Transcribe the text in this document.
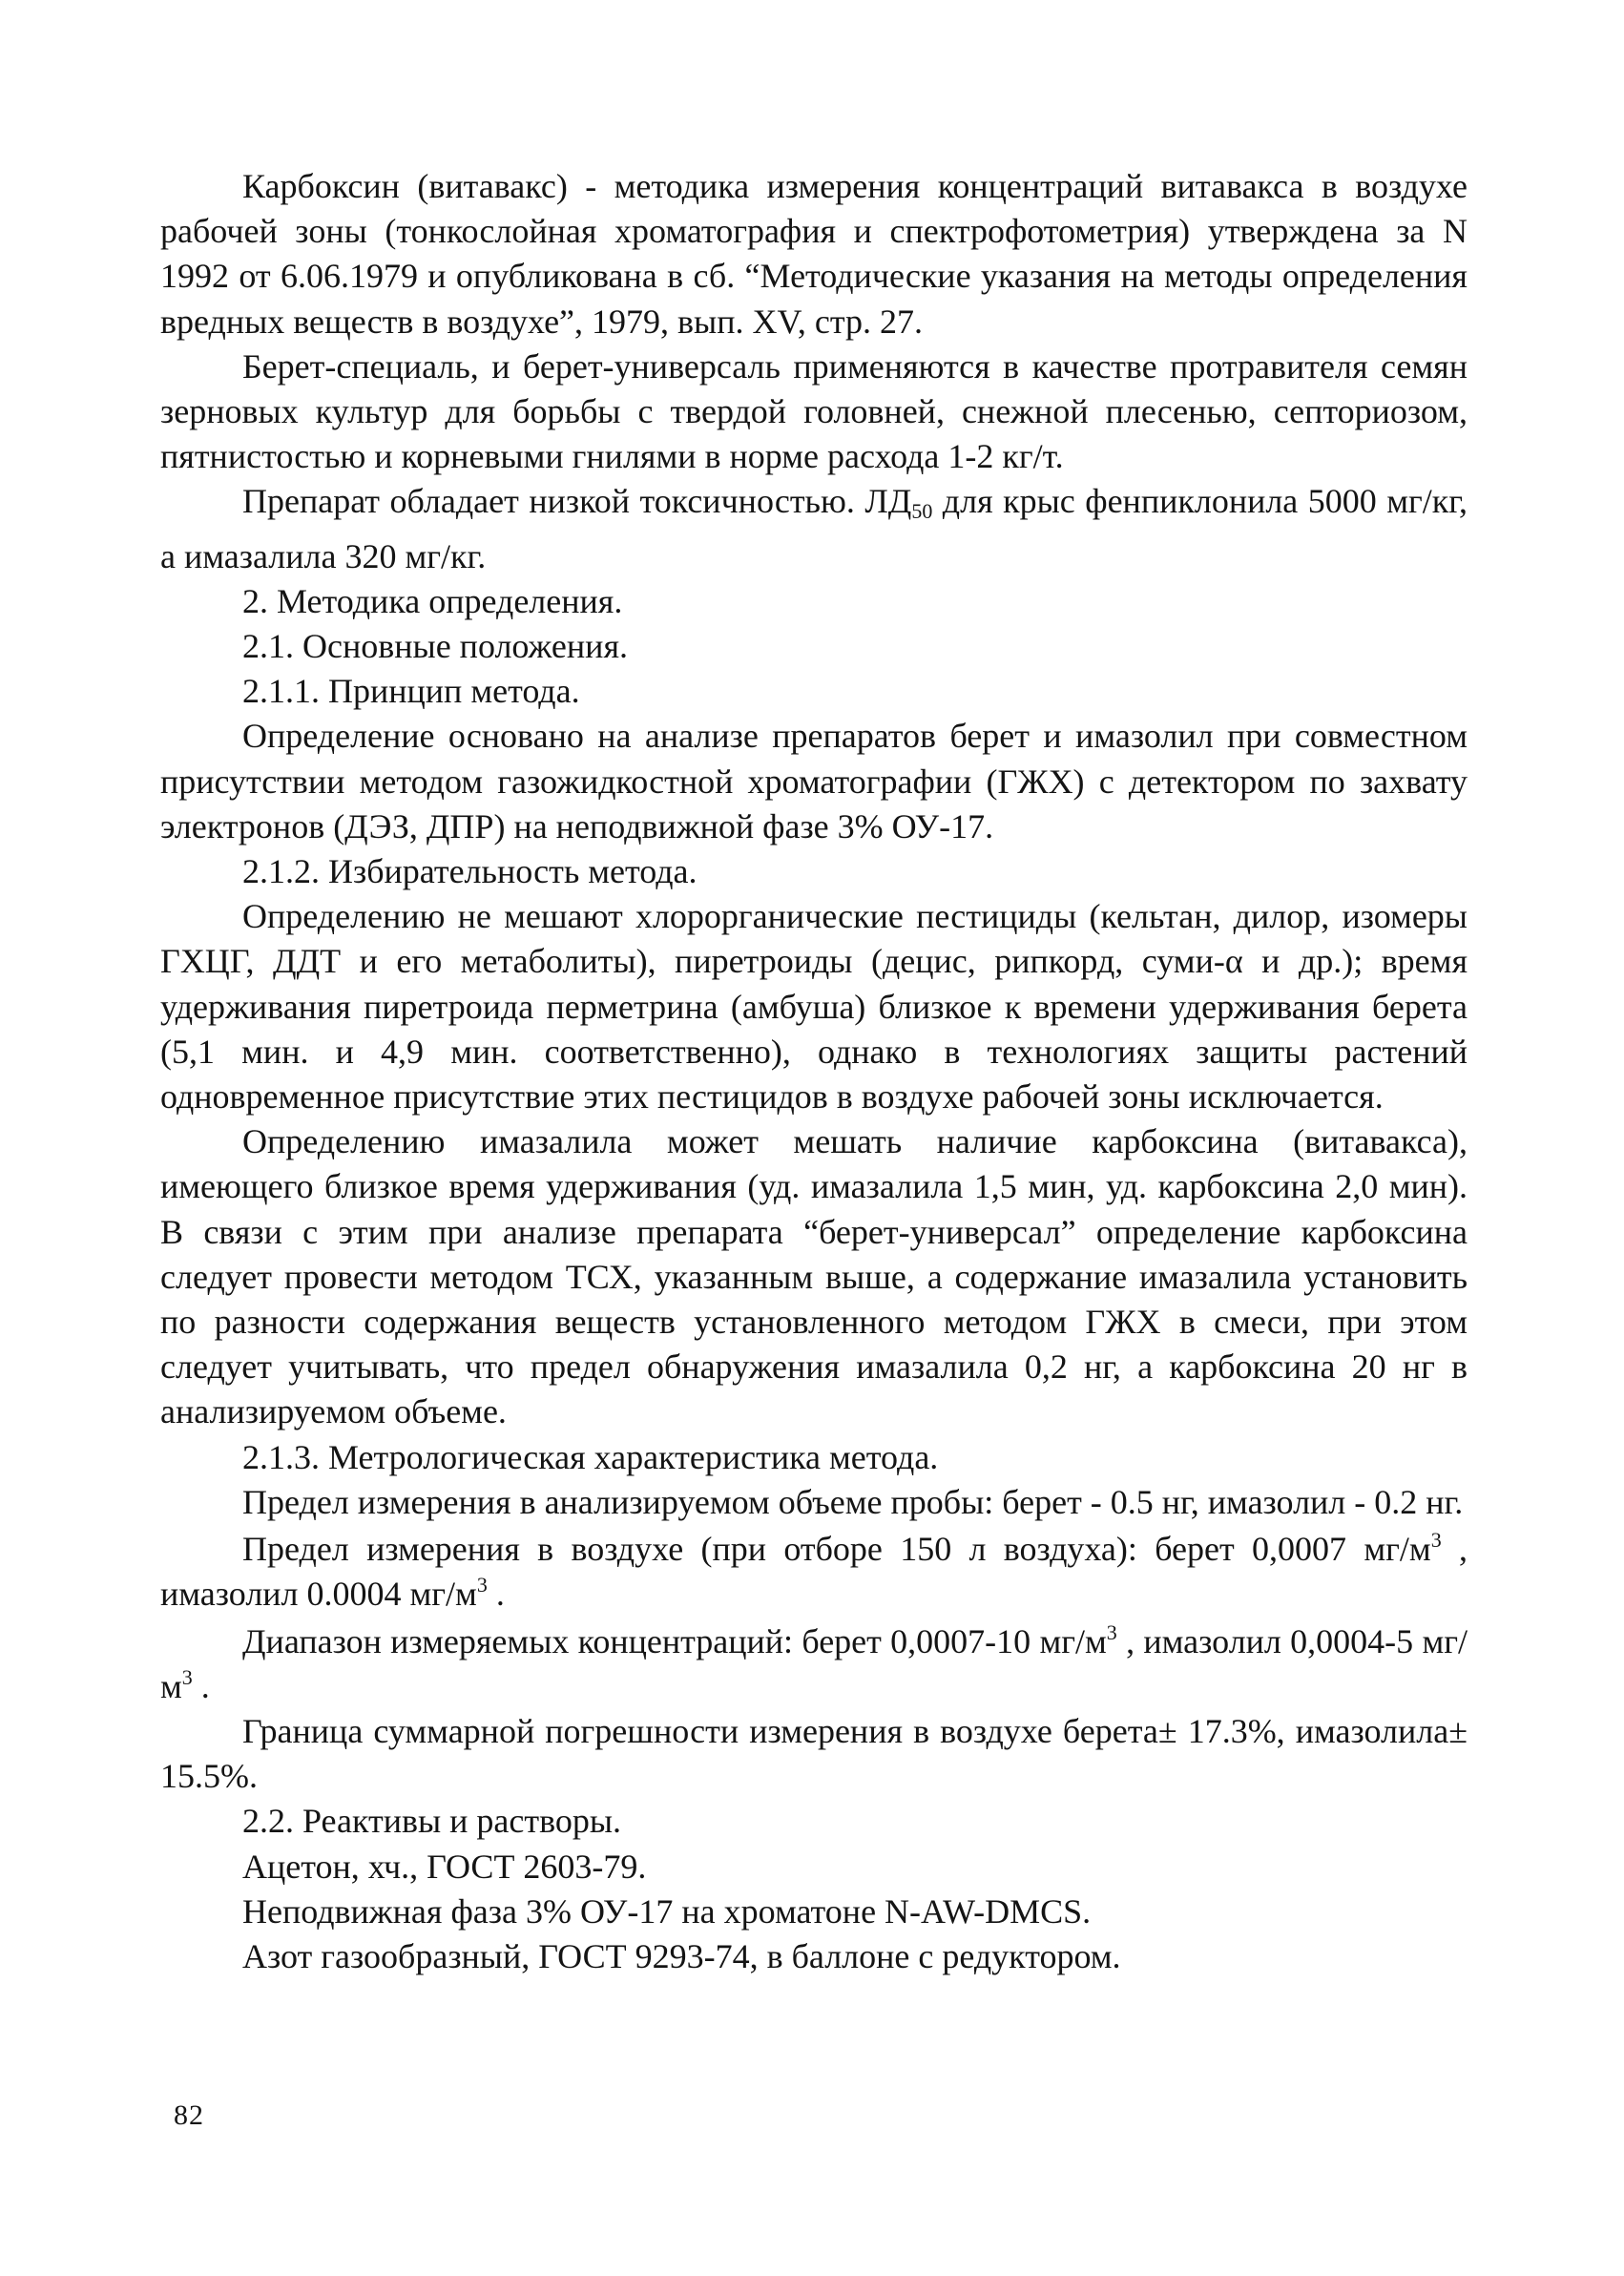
Карбоксин (витавакс) - методика измерения концентраций витавакса в воздухе рабочей зоны (тонкослойная хроматография и спектрофотометрия) утверждена за N 1992 от 6.06.1979 и опубликована в сб. “Методические указания на методы определения вредных веществ в воздухе”, 1979, вып. XV, стр. 27.

Берет-специаль, и берет-универсаль применяются в качестве протравителя семян зерновых культур для борьбы с твердой головней, снежной плесенью, септориозом, пятнистостью и корневыми гнилями в норме расхода 1-2 кг/т.

Препарат обладает низкой токсичностью. $ЛД_{50}$ для крыс фенпиклонила 5000 мг/кг, а имазалила 320 мг/кг.

2. Методика определения.

2.1. Основные положения.

2.1.1. Принцип метода.

Определение основано на анализе препаратов берет и имазолил при совместном присутствии методом газожидкостной хроматографии (ГЖХ) с детектором по захвату электронов (ДЭЗ, ДПР) на неподвижной фазе 3% ОУ-17.

2.1.2. Избирательность метода.

Определению не мешают хлорорганические пестициды (кельтан, дилор, изомеры ГХЦГ, ДДТ и его метаболиты), пиретроиды (децис, рипкорд, суми-α и др.); время удерживания пиретроида перметрина (амбуша) близкое к времени удерживания берета (5,1 мин. и 4,9 мин. соответственно), однако в технологиях защиты растений одновременное присутствие этих пестицидов в воздухе рабочей зоны исключается.

Определению имазалила может мешать наличие карбоксина (витавакса), имеющего близкое время удерживания (уд. имазалила 1,5 мин, уд. карбоксина 2,0 мин). В связи с этим при анализе препарата “берет-универсал” определение карбоксина следует провести методом ТСХ, указанным выше, а содержание имазалила установить по разности содержания веществ установленного методом ГЖХ в смеси, при этом следует учитывать, что предел обнаружения имазалила 0,2 нг, а карбоксина 20 нг в анализируемом объеме.

2.1.3. Метрологическая характеристика метода.

Предел измерения в анализируемом объеме пробы: берет - 0.5 нг, имазолил - 0.2 нг.

Предел измерения в воздухе (при отборе 150 л воздуха): берет 0,0007 $мг/м^3$ , имазолил 0.0004 $мг/м^3$ .

Диапазон измеряемых концентраций: берет 0,0007-10 $мг/м^3$ , имазолил 0,0004-5 $мг/м^3$ .

Граница суммарной погрешности измерения в воздухе берета± 17.3%, имазолила± 15.5%.

2.2. Реактивы и растворы.

Ацетон, хч., ГОСТ 2603-79.

Неподвижная фаза 3% ОУ-17 на хроматоне N-AW-DMCS.

Азот газообразный, ГОСТ 9293-74, в баллоне с редуктором.

82
